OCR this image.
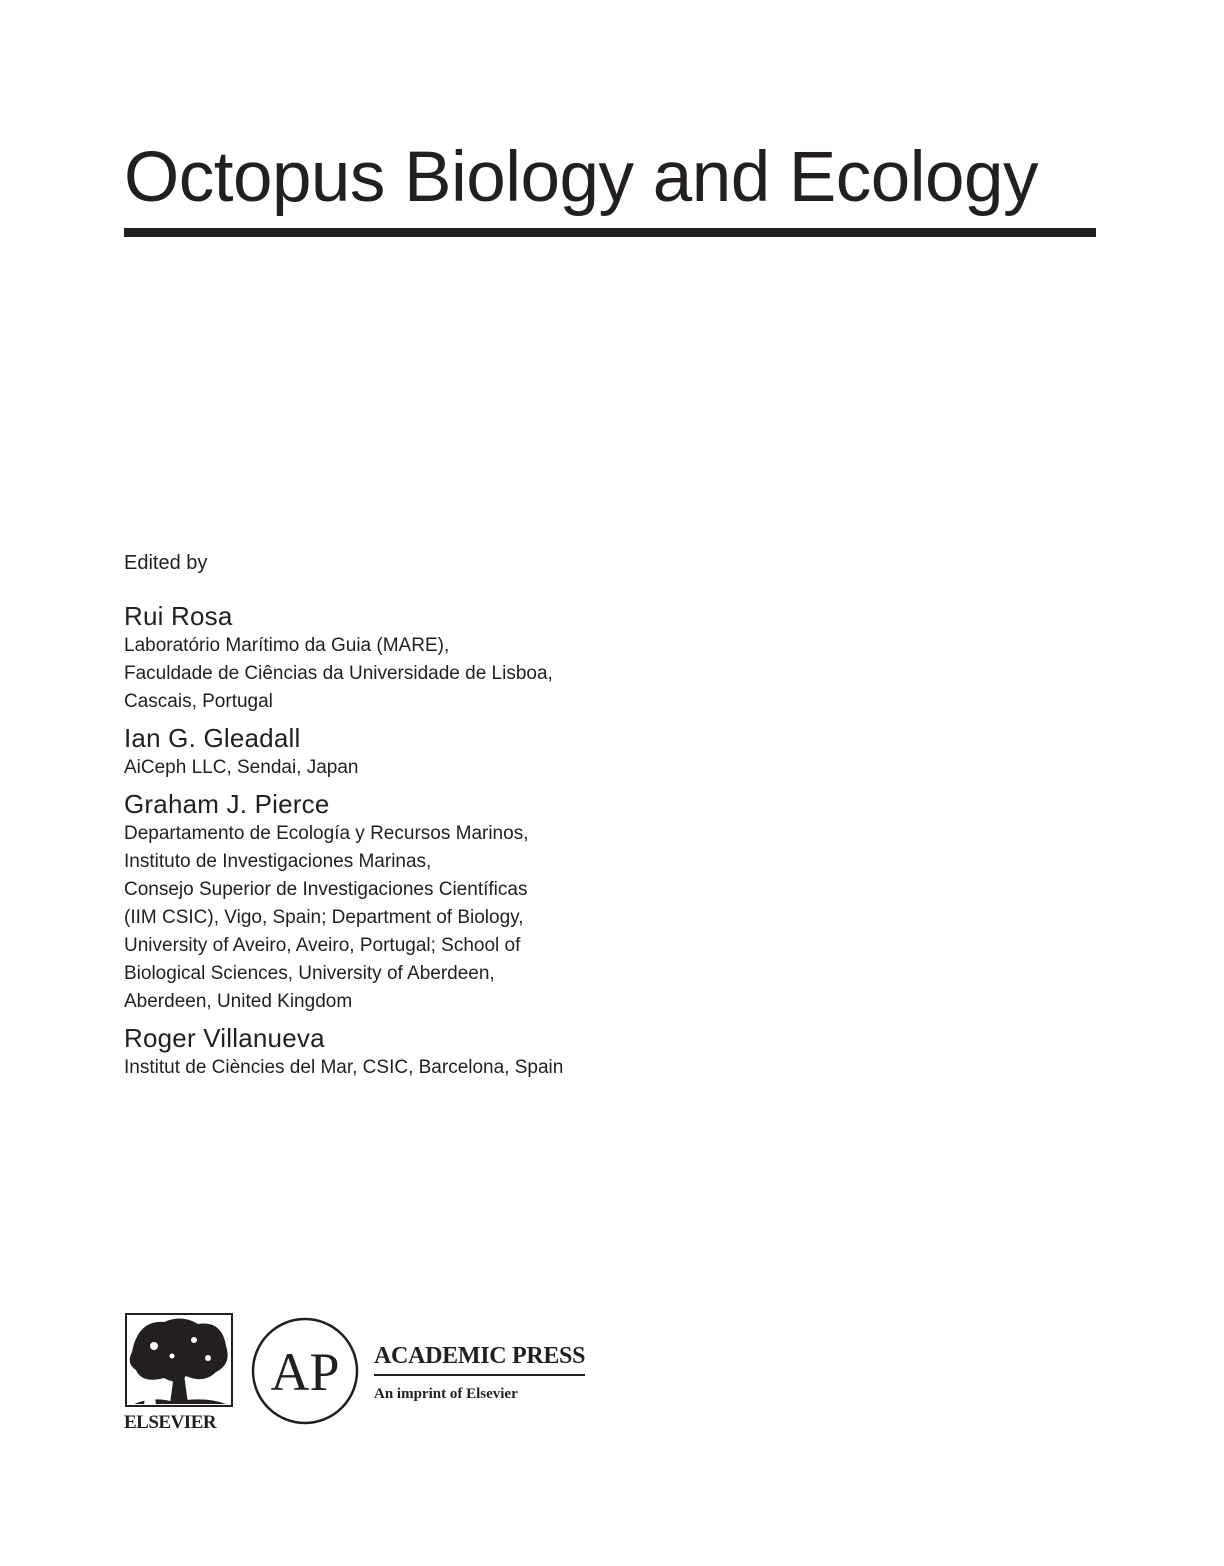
Octopus Biology and Ecology
Edited by
Rui Rosa
Laboratório Marítimo da Guia (MARE),
Faculdade de Ciências da Universidade de Lisboa,
Cascais, Portugal
Ian G. Gleadall
AiCeph LLC, Sendai, Japan
Graham J. Pierce
Departamento de Ecología y Recursos Marinos,
Instituto de Investigaciones Marinas,
Consejo Superior de Investigaciones Científicas
(IIM CSIC), Vigo, Spain; Department of Biology,
University of Aveiro, Aveiro, Portugal; School of
Biological Sciences, University of Aberdeen,
Aberdeen, United Kingdom
Roger Villanueva
Institut de Ciències del Mar, CSIC, Barcelona, Spain
ELSEVIER
AP ACADEMIC PRESS
An imprint of Elsevier
